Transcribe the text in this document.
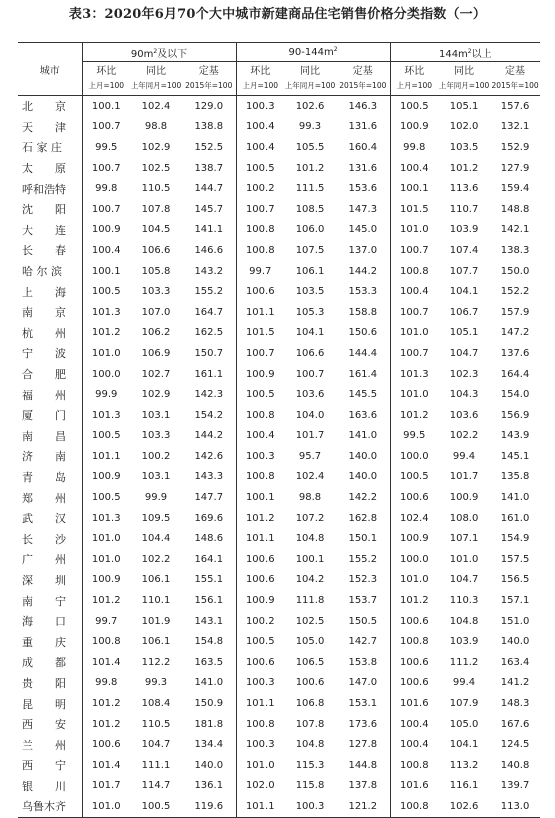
表3：2020年6月70个大中城市新建商品住宅销售价格分类指数（一）
城市	$90m^2$及以下			$90-144m^2$			$144m^2$以上		
	环比	同比	定基	环比	同比	定基	环比	同比	定基
	上月=100	上年同月=100	2015年=100	上月=100	上年同月=100	2015年=100	上月=100	上年同月=100	2015年=100
北　　京	100.1	102.4	129.0	100.3	102.6	146.3	100.5	105.1	157.6
天　　津	100.7	98.8	138.8	100.4	99.3	131.6	100.9	102.0	132.1
石 家 庄	99.5	102.9	152.5	100.4	105.5	160.4	99.8	103.5	152.9
太　　原	100.7	102.5	138.7	100.5	101.2	131.6	100.4	101.2	127.9
呼和浩特	99.8	110.5	144.7	100.2	111.5	153.6	100.1	113.6	159.4
沈　　阳	100.7	107.8	145.7	100.7	108.5	147.3	101.5	110.7	148.8
大　　连	100.9	104.5	141.1	100.8	106.0	145.0	101.0	103.9	142.1
长　　春	100.4	106.6	146.6	100.8	107.5	137.0	100.7	107.4	138.3
哈 尔 滨	100.1	105.8	143.2	99.7	106.1	144.2	100.8	107.7	150.0
上　　海	100.5	103.3	155.2	100.6	103.5	153.3	100.4	104.1	152.2
南　　京	101.3	107.0	164.7	101.1	105.3	158.8	100.7	106.7	157.9
杭　　州	101.2	106.2	162.5	101.5	104.1	150.6	101.0	105.1	147.2
宁　　波	101.0	106.9	150.7	100.7	106.6	144.4	100.7	104.7	137.6
合　　肥	100.0	102.7	161.1	100.9	100.7	161.4	101.3	102.3	164.4
福　　州	99.9	102.9	142.3	100.5	103.6	145.5	101.0	104.3	154.0
厦　　门	101.3	103.1	154.2	100.8	104.0	163.6	101.2	103.6	156.9
南　　昌	100.5	103.3	144.2	100.4	101.7	141.0	99.5	102.2	143.9
济　　南	101.1	100.2	142.6	100.3	95.7	140.0	100.0	99.4	145.1
青　　岛	100.9	103.1	143.3	100.8	102.4	140.0	100.5	101.7	135.8
郑　　州	100.5	99.9	147.7	100.1	98.8	142.2	100.6	100.9	141.0
武　　汉	101.3	109.5	169.6	101.2	107.2	162.8	102.4	108.0	161.0
长　　沙	101.0	104.4	148.6	101.1	104.8	150.1	100.9	107.1	154.9
广　　州	101.0	102.2	164.1	100.6	100.1	155.2	100.0	101.0	157.5
深　　圳	100.9	106.1	155.1	100.6	104.2	152.3	101.0	104.7	156.5
南　　宁	101.2	110.1	156.1	100.9	111.8	153.7	101.2	110.3	157.1
海　　口	99.7	101.9	143.1	100.2	102.5	150.5	100.6	104.8	151.0
重　　庆	100.8	106.1	154.8	100.5	105.0	142.7	100.8	103.9	140.0
成　　都	101.4	112.2	163.5	100.6	106.5	153.8	100.6	111.2	163.4
贵　　阳	99.8	99.3	141.0	100.3	100.6	147.0	100.6	99.4	141.2
昆　　明	101.2	108.4	150.9	101.1	106.8	153.1	101.6	107.9	148.3
西　　安	101.2	110.5	181.8	100.8	107.8	173.6	100.4	105.0	167.6
兰　　州	100.6	104.7	134.4	100.3	104.8	127.8	100.4	104.1	124.5
西　　宁	101.4	111.1	140.0	101.0	115.3	144.8	100.8	113.2	140.8
银　　川	101.7	114.7	136.1	102.0	115.8	137.8	101.6	116.1	139.7
乌鲁木齐	101.0	100.5	119.6	101.1	100.3	121.2	100.8	102.6	113.0
